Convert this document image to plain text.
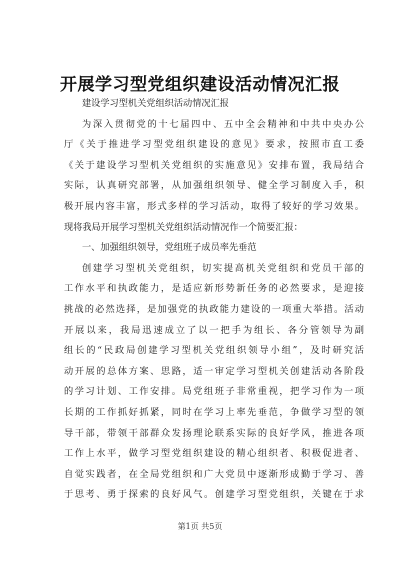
开展学习型党组织建设活动情况汇报
建设学习型机关党组织活动情况汇报
为深入贯彻党的十七届四中、五中全会精神和中共中央办公
厅《关于推进学习型党组织建设的意见》要求，按照市直工委
《关于建设学习型机关党组织的实施意见》安排布置，我局结合
实际，认真研究部署，从加强组织领导、健全学习制度入手，积
极开展内容丰富，形式多样的学习活动，取得了较好的学习效果。
现将我局开展学习型机关党组织活动情况作一个简要汇报：
一、加强组织领导，党组班子成员率先垂范
创建学习型机关党组织，切实提高机关党组织和党员干部的
工作水平和执政能力，是适应新形势新任务的必然要求，是迎接
挑战的必然选择，是加强党的执政能力建设的一项重大举措。活动
开展以来，我局迅速成立了以一把手为组长、各分管领导为副
组长的“民政局创建学习型机关党组织领导小组”，及时研究活
动开展的总体方案、思路，适一审定学习型机关创建活动各阶段
的学习计划、工作安排。局党组班子非常重视，把学习作为一项
长期的工作抓好抓紧，同时在学习上率先垂范，争做学习型的领
导干部，带领干部群众发扬理论联系实际的良好学风，推进各项
工作上水平，做学习型党组织建设的精心组织者、积极促进者、
自觉实践者，在全局党组织和广大党员中逐渐形成勤于学习、善
于思考、勇于探索的良好风气。创建学习型党组织，关键在于求
第1页 共5页
